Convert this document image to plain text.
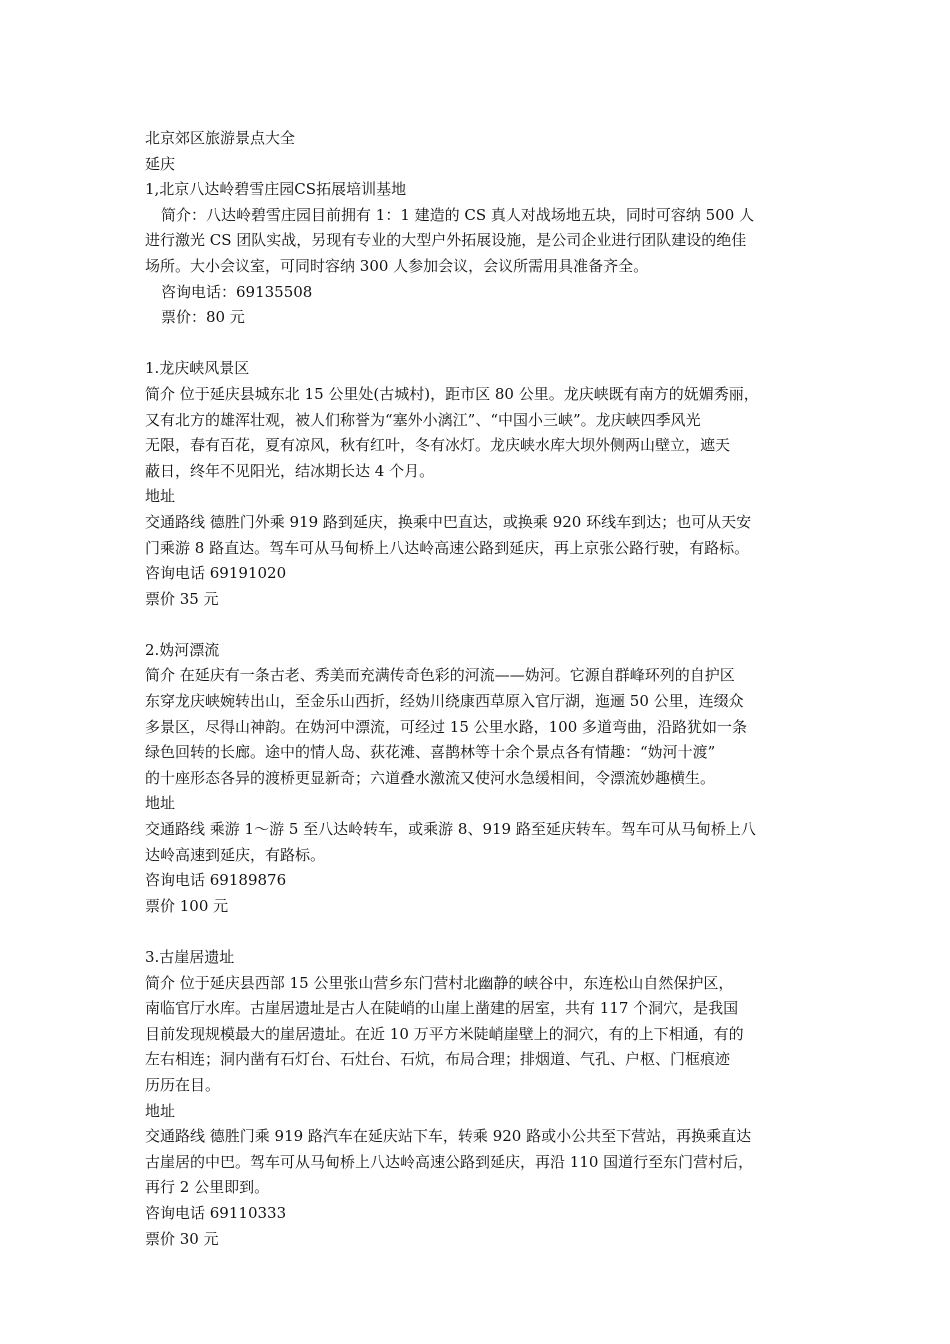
北京郊区旅游景点大全
延庆
1,北京八达岭碧雪庄园CS拓展培训基地
简介：八达岭碧雪庄园目前拥有 1：1 建造的 CS 真人对战场地五块，同时可容纳 500 人
进行激光 CS 团队实战，另现有专业的大型户外拓展设施，是公司企业进行团队建设的绝佳
场所。大小会议室，可同时容纳 300 人参加会议，会议所需用具准备齐全。
咨询电话：69135508
票价：80 元
1.龙庆峡风景区
简介 位于延庆县城东北 15 公里处(古城村)，距市区 80 公里。龙庆峡既有南方的妩媚秀丽，
又有北方的雄浑壮观，被人们称誉为“塞外小漓江”、“中国小三峡”。龙庆峡四季风光
无限，春有百花，夏有凉风，秋有红叶，冬有冰灯。龙庆峡水库大坝外侧两山壁立，遮天
蔽日，终年不见阳光，结冰期长达 4 个月。
地址
交通路线 德胜门外乘 919 路到延庆，换乘中巴直达，或换乘 920 环线车到达；也可从天安
门乘游 8 路直达。驾车可从马甸桥上八达岭高速公路到延庆，再上京张公路行驶，有路标。
咨询电话 69191020
票价 35 元
2.妫河漂流
简介 在延庆有一条古老、秀美而充满传奇色彩的河流——妫河。它源自群峰环列的自护区
东穿龙庆峡婉转出山，至金乐山西折，经妫川绕康西草原入官厅湖，迤逦 50 公里，连缀众
多景区，尽得山神韵。在妫河中漂流，可经过 15 公里水路，100 多道弯曲，沿路犹如一条
绿色回转的长廊。途中的情人岛、荻花滩、喜鹊林等十余个景点各有情趣：“妫河十渡”
的十座形态各异的渡桥更显新奇；六道叠水激流又使河水急缓相间，令漂流妙趣横生。
地址
交通路线 乘游 1～游 5 至八达岭转车，或乘游 8、919 路至延庆转车。驾车可从马甸桥上八
达岭高速到延庆，有路标。
咨询电话 69189876
票价 100 元
3.古崖居遗址
简介 位于延庆县西部 15 公里张山营乡东门营村北幽静的峡谷中，东连松山自然保护区，
南临官厅水库。古崖居遗址是古人在陡峭的山崖上凿建的居室，共有 117 个洞穴，是我国
目前发现规模最大的崖居遗址。在近 10 万平方米陡峭崖壁上的洞穴，有的上下相通，有的
左右相连；洞内凿有石灯台、石灶台、石炕，布局合理；排烟道、气孔、户枢、门框痕迹
历历在目。
地址
交通路线 德胜门乘 919 路汽车在延庆站下车，转乘 920 路或小公共至下营站，再换乘直达
古崖居的中巴。驾车可从马甸桥上八达岭高速公路到延庆，再沿 110 国道行至东门营村后，
再行 2 公里即到。
咨询电话 69110333
票价 30 元
